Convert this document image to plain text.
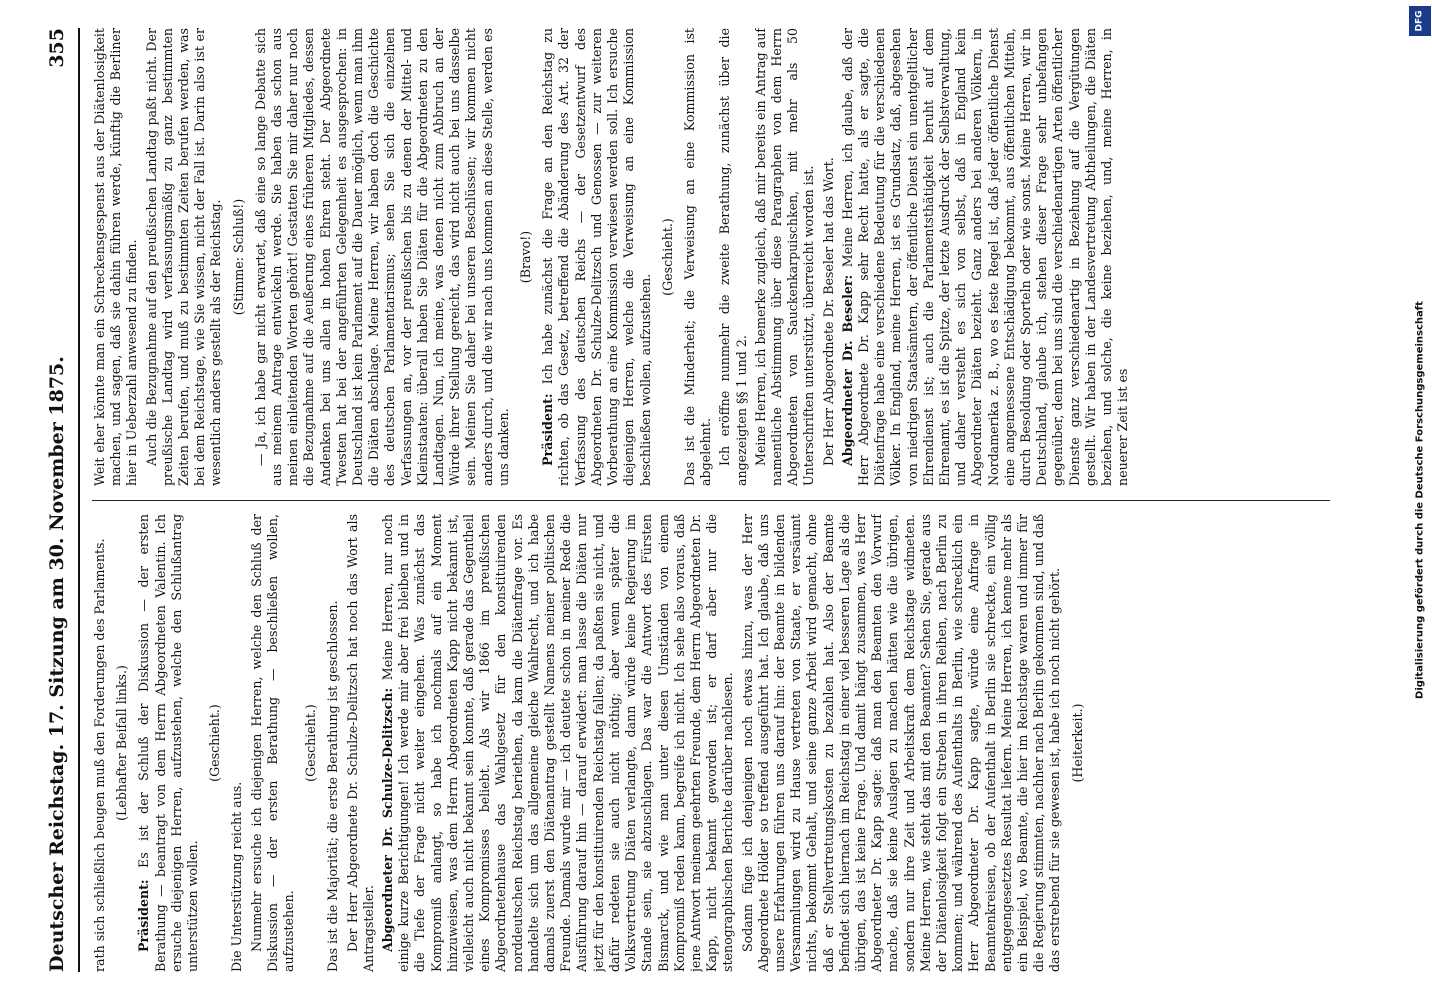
Deutscher Reichstag. 17. Sitzung am 30. November 1875.
355

rath sich schließlich beugen muß den Forderungen des Parlaments. (Lebhafter Beifall links.)

Präsident: Es ist der Schluß der Diskussion — der ersten Berathung — beantragt von dem Herrn Abgeordneten Valentin. Ich ersuche diejenigen Herren, aufzustehen, welche den Schlußantrag unterstützen wollen.

(Geschieht.)

Die Unterstützung reicht aus. Nunmehr ersuche ich diejenigen Herren, welche den Schluß der Diskussion — der ersten Berathung — beschließen wollen, aufzustehen.

(Geschieht.) Das ist die Majorität; die erste Berathung ist geschlossen. Der Herr Abgeordnete Dr. Schulze-Delitzsch hat noch das Wort als Antragsteller. Abgeordneter Dr. Schulze-Delitzsch: Meine Herren, nur noch einige kurze Berichtigungen! Ich werde mir aber frei bleiben und in die Tiefe der Frage nicht weiter eingehen. Was zunächst das Kompromiß anlangt, so habe ich nochmals auf ein Moment hinzuweisen, was dem Herrn Abgeordneten Kapp nicht bekannt ist, vielleicht auch nicht bekannt sein konnte, daß gerade das Gegentheil eines Kompromisses beliebt. Als wir 1866 im preußischen Abgeordnetenhause das Wahlgesetz für den konstituirenden norddeutschen Reichstag beriethen, da kam die Diätenfrage vor. Es handelte sich um das allgemeine gleiche Wahlrecht, und ich habe damals zuerst den Diätenantrag gestellt Namens meiner politischen Freunde. Damals wurde mir — ich deutete schon in meiner Rede die Ausführung darauf hin — darauf erwidert: man lasse die Diäten nur jetzt für den konstituirenden Reichstag fallen; da paßten sie nicht, und dafür redeten sie auch nicht nöthig; aber wenn später die Volksvertretung Diäten verlangte, dann würde keine Regierung im Stande sein, sie abzuschlagen. Das war die Antwort des Fürsten Bismarck, und wie man unter diesen Umständen von einem Kompromiß reden kann, begreife ich nicht. Ich sehe also voraus, daß jene Antwort meinem geehrten Freunde, dem Herrn Abgeordneten Dr. Kapp, nicht bekannt geworden ist; er darf aber nur die stenographischen Berichte darüber nachlesen. Sodann füge ich denjenigen noch etwas hinzu, was der Herr Abgeordnete Hölder so treffend ausgeführt hat. Ich glaube, daß uns unsere Erfahrungen führen uns darauf hin: der Beamte in bildenden Versammlungen wird zu Hause vertreten von Staate, er versäumt nichts, bekommt Gehalt, und seine ganze Arbeit wird gemacht, ohne daß er Stellvertretungskosten zu bezahlen hat. Also der Beamte befindet sich hiernach im Reichstag in einer viel besseren Lage als die übrigen, das ist keine Frage. Und damit hängt zusammen, was Herr Abgeordneter Dr. Kapp sagte: daß man den Beamten den Vorwurf mache, daß sie keine Auslagen zu machen hätten wie die übrigen, sondern nur ihre Zeit und Arbeitskraft dem Reichstage widmeten. Meine Herren, wie steht das mit den Beamten? Sehen Sie, gerade aus der Diätenlosigkeit folgt ein Streben in ihren Reihen, nach Berlin zu kommen; und während des Aufenthalts in Berlin, wie schrecklich ein Herr Abgeordneter Dr. Kapp sagte, würde eine Anfrage in Beamtenkreisen, ob der Aufenthalt in Berlin sie schreckte, ein völlig entgegengesetztes Resultat liefern. Meine Herren, ich kenne mehr als ein Beispiel, wo Beamte, die hier im Reichstage waren und immer für die Regierung stimmten, nachher nach Berlin gekommen sind, und daß das erstrebend für sie gewesen ist, habe ich noch nicht gehört. (Heiterkeit.)

Weit eher könnte man ein Schreckensgespenst aus der Diätenlosigkeit machen, und sagen, daß sie dahin führen werde, künftig die Berliner hier in Ueberzahl anwesend zu finden. Auch die Bezugnahme auf den preußischen Landtag paßt nicht. Der preußische Landtag wird verfassungsmäßig zu ganz bestimmten Zeiten berufen, und muß zu bestimmten Zeiten berufen werden, was bei dem Reichstage, wie Sie wissen, nicht der Fall ist. Darin also ist er wesentlich anders gestellt als der Reichstag. (Stimme: Schluß!) — Ja, ich habe gar nicht erwartet, daß eine so lange Debatte sich aus meinem Antrage entwickeln werde. Sie haben das schon aus meinen einleitenden Worten gehört! Gestatten Sie mir daher nur noch die Bezugnahme auf die Aeußerung eines früheren Mitgliedes, dessen Andenken bei uns allen in hohen Ehren steht. Der Abgeordnete Twesten hat bei der angeführten Gelegenheit es ausgesprochen: in Deutschland ist kein Parlament auf die Dauer möglich, wenn man ihm die Diäten abschlage. Meine Herren, wir haben doch die Geschichte des deutschen Parlamentarismus; sehen Sie sich die einzelnen Verfassungen an, vor der preußischen bis zu denen der Mittel- und Kleinstaaten: überall haben Sie Diäten für die Abgeordneten zu den Landtagen. Nun, ich meine, was denen nicht zum Abbruch an der Würde ihrer Stellung gereicht, das wird nicht auch bei uns dasselbe sein. Meinen Sie daher bei unseren Beschlüssen; wir kommen nicht anders durch, und die wir nach uns kommen an diese Stelle, werden es uns danken.

(Bravo!)

Präsident: Ich habe zunächst die Frage an den Reichstag zu richten, ob das Gesetz, betreffend die Abänderung des Art. 32 der Verfassung des deutschen Reichs — der Gesetzentwurf des Abgeordneten Dr. Schulze-Delitzsch und Genossen — zur weiteren Vorberathung an eine Kommission verwiesen werden soll. Ich ersuche diejenigen Herren, welche die Verweisung an eine Kommission beschließen wollen, aufzustehen.

(Geschieht.) Das ist die Minderheit; die Verweisung an eine Kommission ist abgelehnt. Ich eröffne nunmehr die zweite Berathung, zunächst über die angezeigten §§ 1 und 2. Meine Herren, ich bemerke zugleich, daß mir bereits ein Antrag auf namentliche Abstimmung über diese Paragraphen von dem Herrn Abgeordneten von Sauckenkarpuischken, mit mehr als 50 Unterschriften unterstützt, überreicht worden ist. Der Herr Abgeordnete Dr. Beseler hat das Wort. Abgeordneter Dr. Beseler: Meine Herren, ich glaube, daß der Herr Abgeordnete Dr. Kapp sehr Recht hatte, als er sagte, die Diätenfrage habe eine verschiedene Bedeutung für die verschiedenen Völker. In England, meine Herren, ist es Grundsatz, daß, abgesehen von niedrigen Staatsämtern, der öffentliche Dienst ein unentgeltlicher Ehrendienst ist; auch die Parlamentsthätigkeit beruht auf dem Ehrenamt, es ist die Spitze, der letzte Ausdruck der Selbstverwaltung, und daher versteht es sich von selbst, daß in England kein Abgeordneter Diäten bezieht. Ganz anders bei anderen Völkern, in Nordamerika z. B., wo es feste Regel ist, daß jeder öffentliche Dienst eine angemessene Entschädigung bekommt, aus öffentlichen Mitteln, durch Besoldung oder Sporteln oder wie sonst. Meine Herren, wir in Deutschland, glaube ich, stehen dieser Frage sehr unbefangen gegenüber, denn bei uns sind die verschiedenartigen Arten öffentlicher Dienste ganz verschiedenartig in Beziehung auf die Vergütungen gestellt. Wir haben in der Landesvertretung Abtheilungen, die Diäten beziehen, und solche, die keine beziehen, und, meine Herren, in neuerer Zeit ist es	Digitalisierung gefördert durch die Deutsche Forschungsgemeinschaft
DFG
